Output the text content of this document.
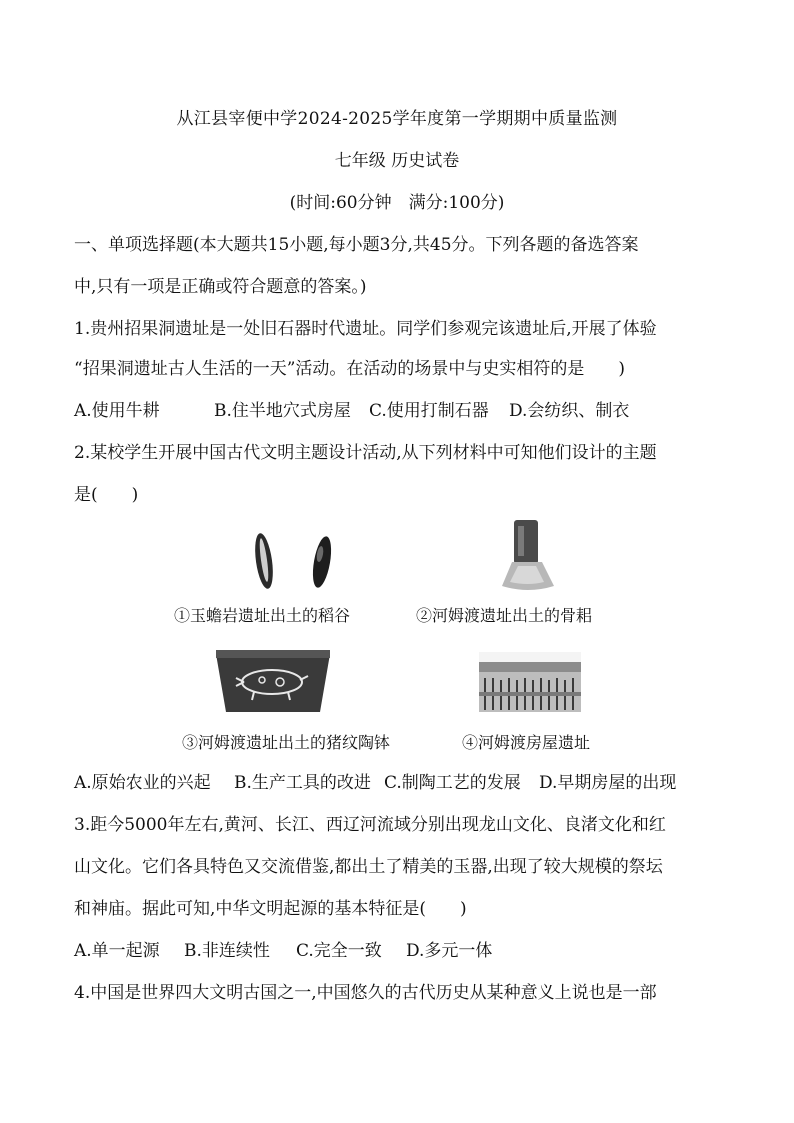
从江县宰便中学2024-2025学年度第一学期期中质量监测
七年级 历史试卷
(时间:60分钟　满分:100分)
一、单项选择题(本大题共15小题,每小题3分,共45分。下列各题的备选答案
中,只有一项是正确或符合题意的答案。)
1.贵州招果洞遗址是一处旧石器时代遗址。同学们参观完该遗址后,开展了体验
“招果洞遗址古人生活的一天”活动。在活动的场景中与史实相符的是　　)
A.使用牛耕	B.住半地穴式房屋 C.使用打制石器 D.会纺织、制衣
2.某校学生开展中国古代文明主题设计活动,从下列材料中可知他们设计的主题
是(　　)
①玉蟾岩遗址出土的稻谷	②河姆渡遗址出土的骨耜
③河姆渡遗址出土的猪纹陶钵	④河姆渡房屋遗址
A.原始农业的兴起 B.生产工具的改进 C.制陶工艺的发展 D.早期房屋的出现
3.距今5000年左右,黄河、长江、西辽河流域分别出现龙山文化、良渚文化和红
山文化。它们各具特色又交流借鉴,都出土了精美的玉器,出现了较大规模的祭坛
和神庙。据此可知,中华文明起源的基本特征是(　　)
A.单一起源 B.非连续性 C.完全一致 D.多元一体
4.中国是世界四大文明古国之一,中国悠久的古代历史从某种意义上说也是一部
